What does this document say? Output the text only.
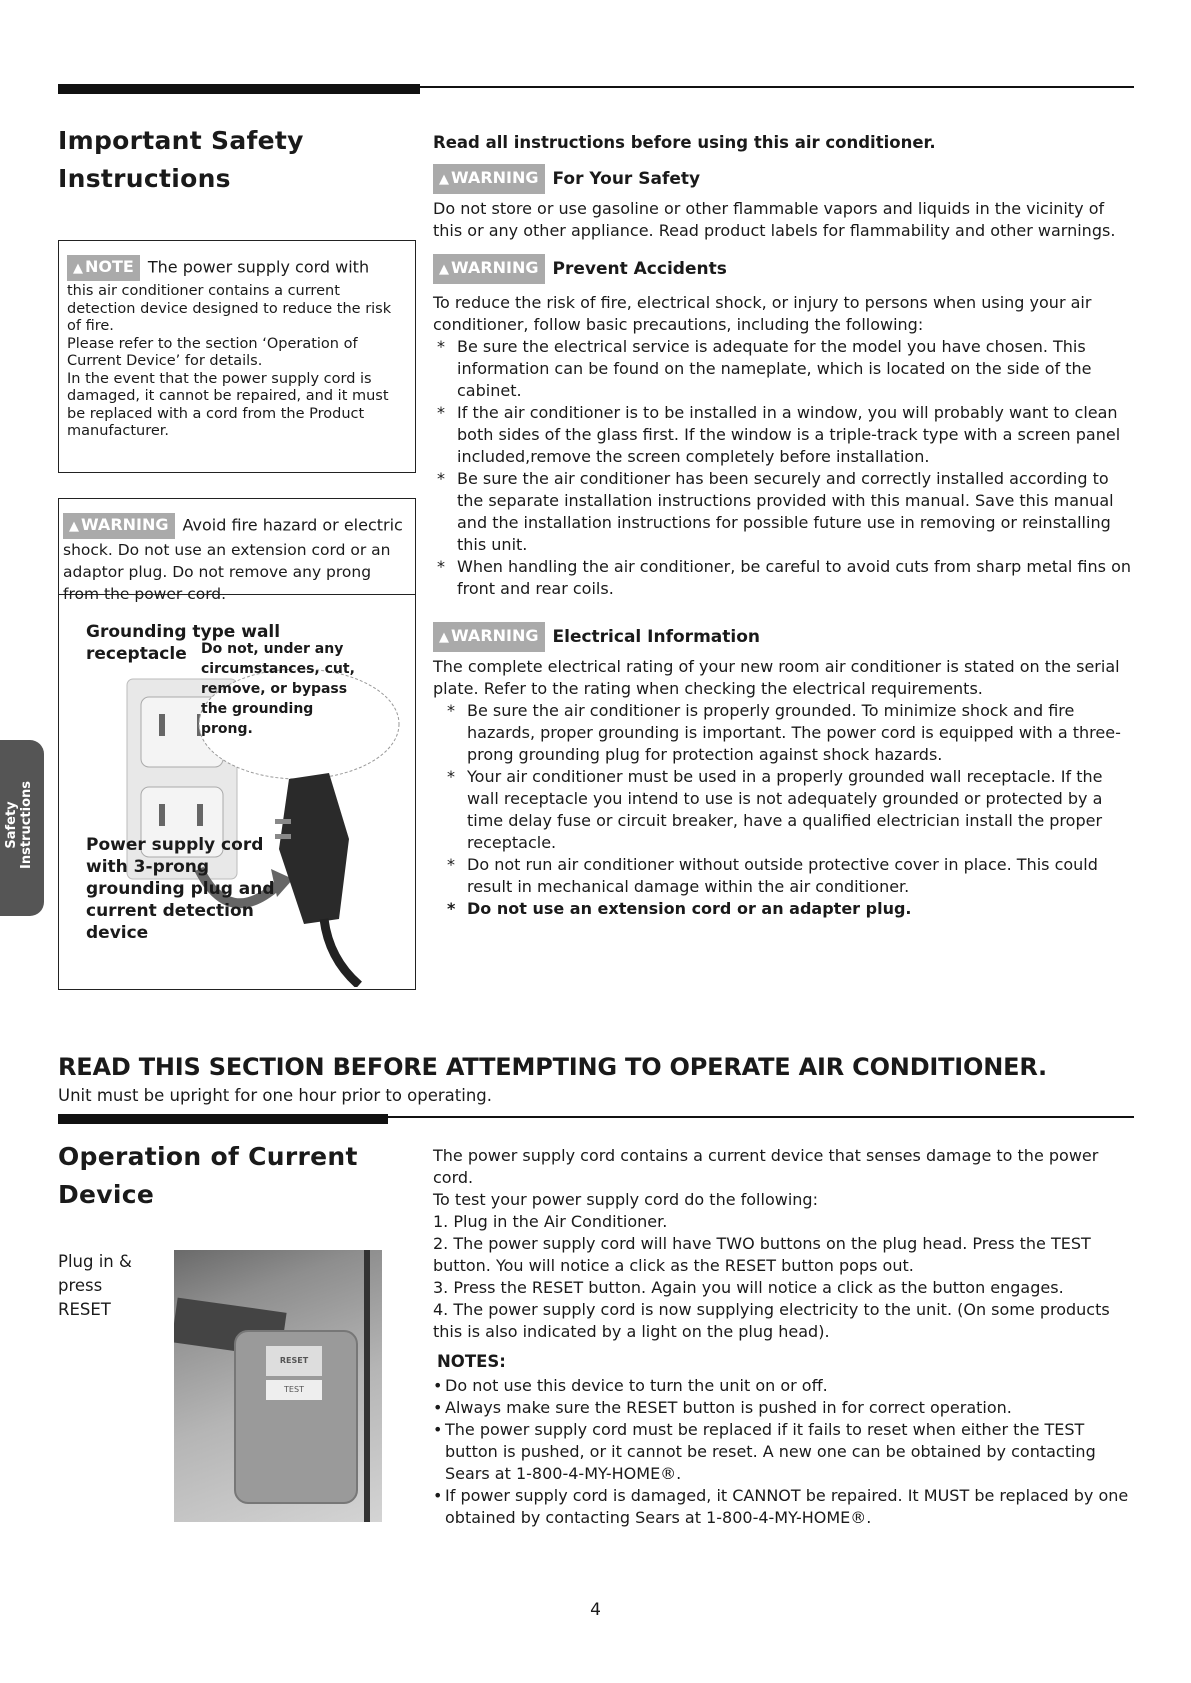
Safety
Instructions
Important Safety
Instructions
▲ NOTE The power supply cord with
this air conditioner contains a current detection device designed to reduce the risk of fire.
Please refer to the section ‘Operation of Current Device’ for details.
In the event that the power supply cord is damaged, it cannot be repaired, and it must be replaced with a cord from the Product manufacturer.
▲ WARNING Avoid fire hazard or electric
shock. Do not use an extension cord or an adaptor plug. Do not remove any prong from the power cord.
Grounding type wall receptacle	Do not, under any circumstances, cut, remove, or bypass the grounding prong.
Power supply cord with 3-prong grounding plug and current detection device
Read all instructions before using this air conditioner.
▲ WARNING For Your Safety
Do not store or use gasoline or other flammable vapors and liquids in the vicinity of this or any other appliance. Read product labels for flammability and other warnings.
▲ WARNING Prevent Accidents
To reduce the risk of fire, electrical shock, or injury to persons when using your air conditioner, follow basic precautions, including the following:
* Be sure the electrical service is adequate for the model you have chosen. This information can be found on the nameplate, which is located on the side of the cabinet.
* If the air conditioner is to be installed in a window, you will probably want to clean both sides of the glass first. If the window is a triple-track type with a screen panel included,remove the screen completely before installation.
* Be sure the air conditioner has been securely and correctly installed according to the separate installation instructions provided with this manual. Save this manual and the installation instructions for possible future use in removing or reinstalling this unit.
* When handling the air conditioner, be careful to avoid cuts from sharp metal fins on front and rear coils.
▲ WARNING Electrical Information
The complete electrical rating of your new room air conditioner is stated on the serial plate. Refer to the rating when checking the electrical requirements.
* Be sure the air conditioner is properly grounded. To minimize shock and fire hazards, proper grounding is important. The power cord is equipped with a three-prong grounding plug for protection against shock hazards.
* Your air conditioner must be used in a properly grounded wall receptacle. If the wall receptacle you intend to use is not adequately grounded or protected by a time delay fuse or circuit breaker, have a qualified electrician install the proper receptacle.
* Do not run air conditioner without outside protective cover in place. This could result in mechanical damage within the air conditioner.
* Do not use an extension cord or an adapter plug.
READ THIS SECTION BEFORE ATTEMPTING TO OPERATE AIR CONDITIONER.
Unit must be upright for one hour prior to operating.
Operation of Current
Device
Plug in & press RESET
RESET
TEST
The power supply cord contains a current device that senses damage to the power cord.
To test your power supply cord do the following:
1. Plug in the Air Conditioner.
2. The power supply cord will have TWO buttons on the plug head. Press the TEST button. You will notice a click as the RESET button pops out.
3. Press the RESET button. Again you will notice a click as the button engages.
4. The power supply cord is now supplying electricity to the unit. (On some products this is also indicated by a light on the plug head).
NOTES:
• Do not use this device to turn the unit on or off.
• Always make sure the RESET button is pushed in for correct operation.
• The power supply cord must be replaced if it fails to reset when either the TEST button is pushed, or it cannot be reset. A new one can be obtained by contacting Sears at 1-800-4-MY-HOME®.
• If power supply cord is damaged, it CANNOT be repaired. It MUST be replaced by one obtained by contacting Sears at 1-800-4-MY-HOME®.
4
